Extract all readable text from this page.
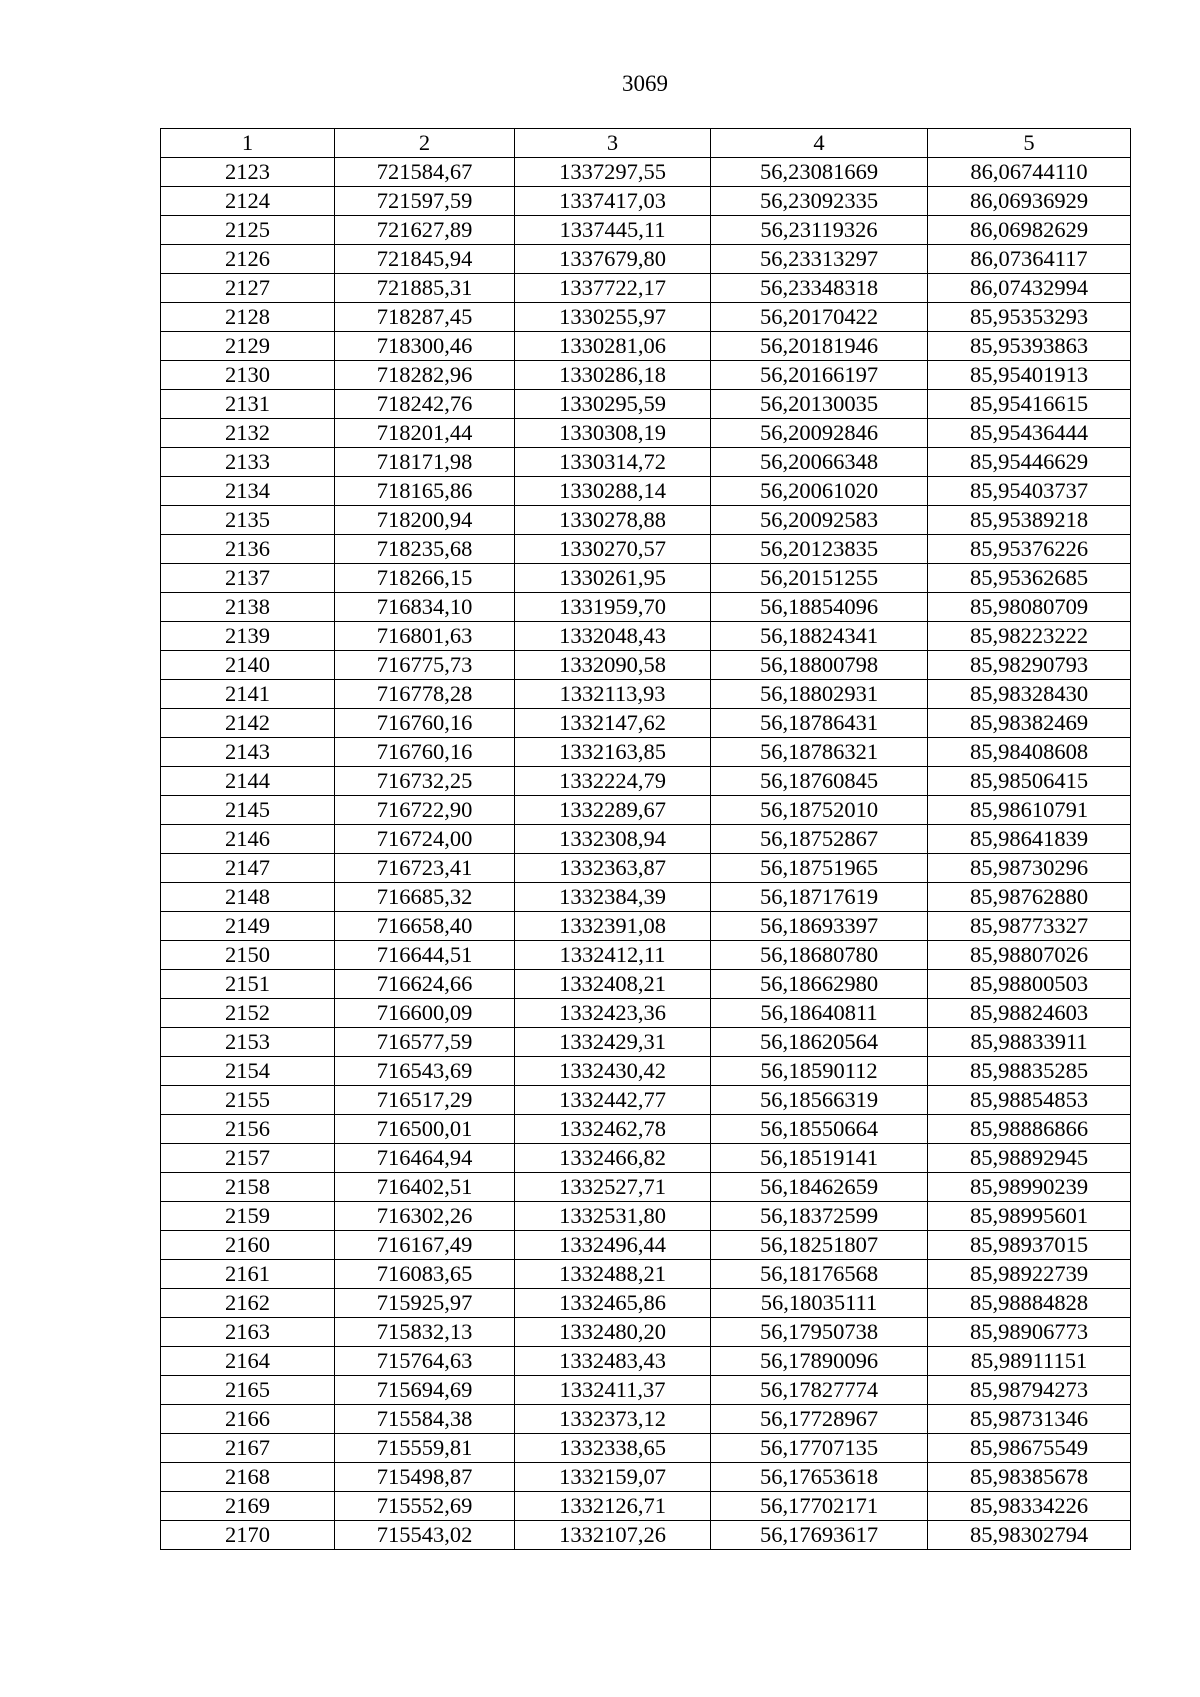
3069
1	2	3	4	5
2123	721584,67	1337297,55	56,23081669	86,06744110
2124	721597,59	1337417,03	56,23092335	86,06936929
2125	721627,89	1337445,11	56,23119326	86,06982629
2126	721845,94	1337679,80	56,23313297	86,07364117
2127	721885,31	1337722,17	56,23348318	86,07432994
2128	718287,45	1330255,97	56,20170422	85,95353293
2129	718300,46	1330281,06	56,20181946	85,95393863
2130	718282,96	1330286,18	56,20166197	85,95401913
2131	718242,76	1330295,59	56,20130035	85,95416615
2132	718201,44	1330308,19	56,20092846	85,95436444
2133	718171,98	1330314,72	56,20066348	85,95446629
2134	718165,86	1330288,14	56,20061020	85,95403737
2135	718200,94	1330278,88	56,20092583	85,95389218
2136	718235,68	1330270,57	56,20123835	85,95376226
2137	718266,15	1330261,95	56,20151255	85,95362685
2138	716834,10	1331959,70	56,18854096	85,98080709
2139	716801,63	1332048,43	56,18824341	85,98223222
2140	716775,73	1332090,58	56,18800798	85,98290793
2141	716778,28	1332113,93	56,18802931	85,98328430
2142	716760,16	1332147,62	56,18786431	85,98382469
2143	716760,16	1332163,85	56,18786321	85,98408608
2144	716732,25	1332224,79	56,18760845	85,98506415
2145	716722,90	1332289,67	56,18752010	85,98610791
2146	716724,00	1332308,94	56,18752867	85,98641839
2147	716723,41	1332363,87	56,18751965	85,98730296
2148	716685,32	1332384,39	56,18717619	85,98762880
2149	716658,40	1332391,08	56,18693397	85,98773327
2150	716644,51	1332412,11	56,18680780	85,98807026
2151	716624,66	1332408,21	56,18662980	85,98800503
2152	716600,09	1332423,36	56,18640811	85,98824603
2153	716577,59	1332429,31	56,18620564	85,98833911
2154	716543,69	1332430,42	56,18590112	85,98835285
2155	716517,29	1332442,77	56,18566319	85,98854853
2156	716500,01	1332462,78	56,18550664	85,98886866
2157	716464,94	1332466,82	56,18519141	85,98892945
2158	716402,51	1332527,71	56,18462659	85,98990239
2159	716302,26	1332531,80	56,18372599	85,98995601
2160	716167,49	1332496,44	56,18251807	85,98937015
2161	716083,65	1332488,21	56,18176568	85,98922739
2162	715925,97	1332465,86	56,18035111	85,98884828
2163	715832,13	1332480,20	56,17950738	85,98906773
2164	715764,63	1332483,43	56,17890096	85,98911151
2165	715694,69	1332411,37	56,17827774	85,98794273
2166	715584,38	1332373,12	56,17728967	85,98731346
2167	715559,81	1332338,65	56,17707135	85,98675549
2168	715498,87	1332159,07	56,17653618	85,98385678
2169	715552,69	1332126,71	56,17702171	85,98334226
2170	715543,02	1332107,26	56,17693617	85,98302794
